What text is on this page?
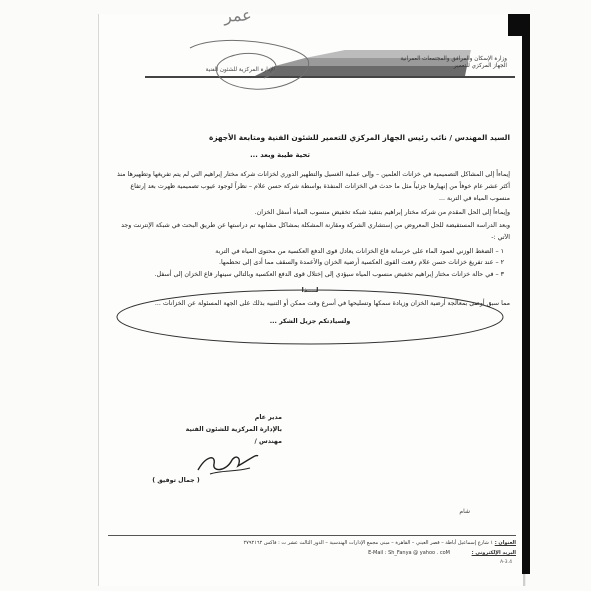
عمر
وزارة الإسكان والمرافق والمجتمعات العمرانية
الجهاز المركزي للتعمير
الإدارة المركزية للشئون الفنية

السيد المهندس / نائب رئيس الجهاز المركزي للتعمير للشئون الفنية ومتابعة الأجهزة

تحية طيبة وبعد ...

إيماءاً إلى المشاكل التصميمية في خزانات العلمين – وإلى عملية الغسيل والتطهير الدوري لخزانات شركة مختار إبراهيم التي لم يتم تفريغها وتطهيرها منذ أكثر عشر عام خوفاً من إنهيارها جزئياً مثل ما حدث في الخزانات المنفذة بواسطة شركة حسن علام – نظراً لوجود عيوب تصميمية ظهرت بعد إرتفاع منسوب المياه في التربة ...

وإيماءاً إلى الحل المقدم من شركة مختار إبراهيم بتنفيذ شبكة تخفيض منسوب المياه أسفل الخزان.

وبعد الدراسة المستفيضة للحل المعروض من إستشاري الشركة ومقارنة المشكلة بمشاكل مشابهة تم دراستها عن طريق البحث في شبكة الإنترنت وجد الآتي :-

١ – الضغط الوزني لعمود الماء على خرسانة قاع الخزانات يعادل قوى الدفع العكسية من محتوى المياه في التربة

٢ – عند تفريغ خزانات حسن علام رفعت القوى العكسية أرضية الخزان والأعمدة والسقف مما أدى إلى تحطمها.

٣ – في حالة خزانات مختار إبراهيم تخفيض منسوب المياه سيؤدي إلى إختلال قوى الدفع العكسية وبالتالي سينهار قاع الخزان إلى أسفل.

لــــذا

مما سبق أوصى بمعالجة أرضية الخزان وزيادة سمكها وتسليحها في أسرع وقت ممكن أو التنبيه بذلك على الجهة المسئولة عن الخزانات ...

ولسيادتكم جزيل الشكر ...

مدير عام

بالإدارة المركزية للشئون الفنية

مهندس /

( جمال توفيق )
شام
العنوان : ١ شارع إسماعيل أباظة – قصر العيني – القاهرة – مبنى مجمع الإدارات الهندسية – الدور الثالث عشر ت : فاكس ٢٧٩٢١٦٢
البريد الإلكتروني : E-Mail : Sh_Fanya @ yahoo . coM
A-3.4
